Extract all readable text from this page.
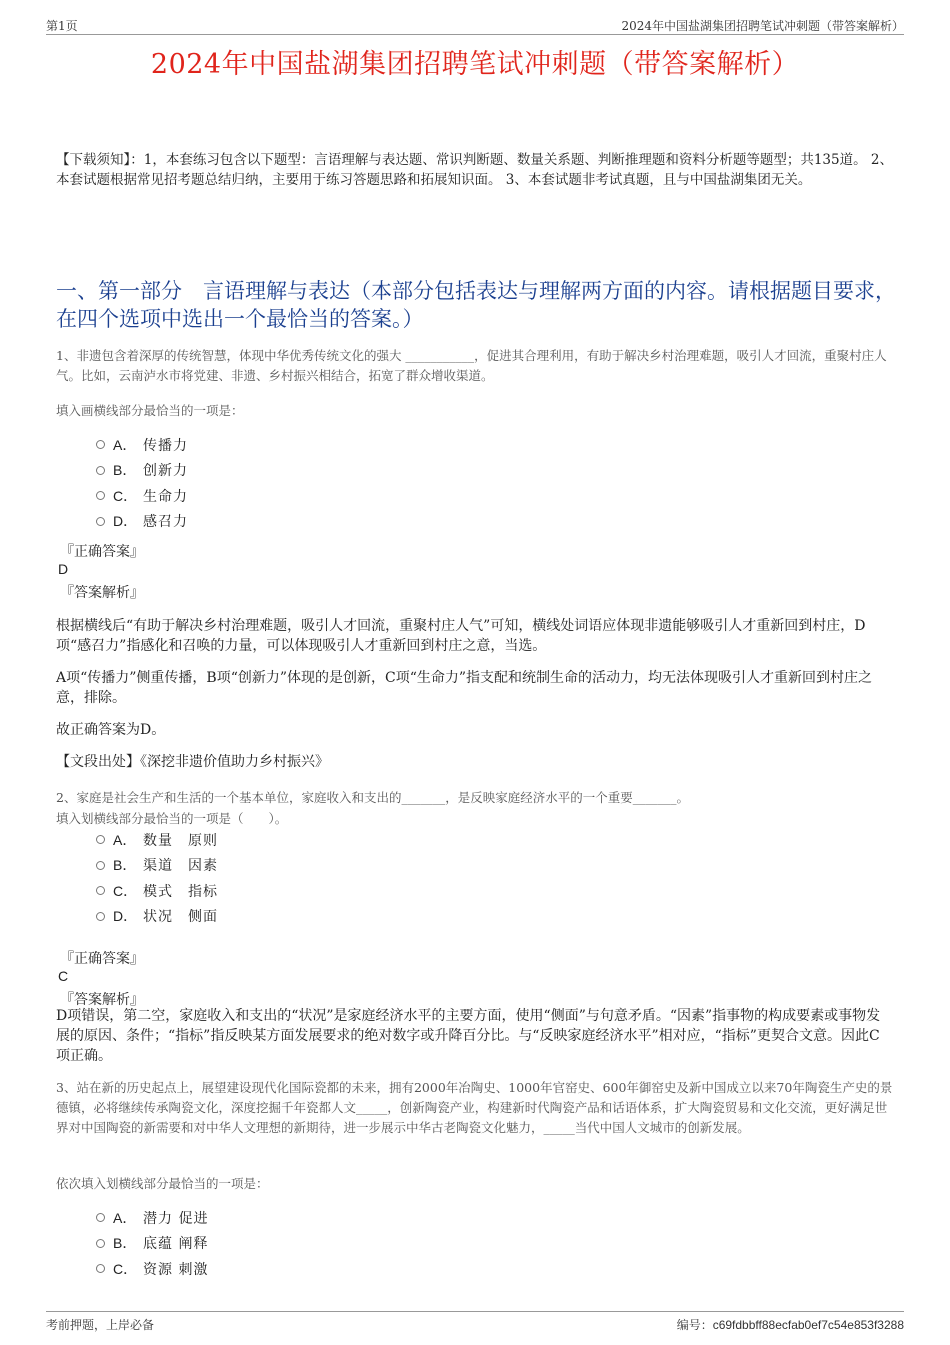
第1页	2024年中国盐湖集团招聘笔试冲刺题（带答案解析）
2024年中国盐湖集团招聘笔试冲刺题（带答案解析）
【下载须知】：1，本套练习包含以下题型：言语理解与表达题、常识判断题、数量关系题、判断推理题和资料分析题等题型；共135道。 2、本套试题根据常见招考题总结归纳，主要用于练习答题思路和拓展知识面。 3、本套试题非考试真题，且与中国盐湖集团无关。
一、第一部分　言语理解与表达（本部分包括表达与理解两方面的内容。请根据题目要求，在四个选项中选出一个最恰当的答案。）
1、非遗包含着深厚的传统智慧，体现中华优秀传统文化的强大 ___________，促进其合理利用，有助于解决乡村治理难题，吸引人才回流，重聚村庄人气。比如，云南泸水市将党建、非遗、乡村振兴相结合，拓宽了群众增收渠道。
填入画横线部分最恰当的一项是：
A． 传播力
B． 创新力
C． 生命力
D． 感召力
『正确答案』
D
『答案解析』
根据横线后“有助于解决乡村治理难题，吸引人才回流，重聚村庄人气”可知，横线处词语应体现非遗能够吸引人才重新回到村庄，D项“感召力”指感化和召唤的力量，可以体现吸引人才重新回到村庄之意，当选。
A项“传播力”侧重传播，B项“创新力”体现的是创新，C项“生命力”指支配和统制生命的活动力，均无法体现吸引人才重新回到村庄之意，排除。
故正确答案为D。
【文段出处】《深挖非遗价值助力乡村振兴》
2、家庭是社会生产和生活的一个基本单位，家庭收入和支出的_______，是反映家庭经济水平的一个重要_______。
填入划横线部分最恰当的一项是（　　）。
A． 数量　原则
B． 渠道　因素
C． 模式　指标
D． 状况　侧面
『正确答案』
C
『答案解析』
D项错误，第二空，家庭收入和支出的“状况”是家庭经济水平的主要方面，使用“侧面”与句意矛盾。“因素”指事物的构成要素或事物发展的原因、条件；“指标”指反映某方面发展要求的绝对数字或升降百分比。与“反映家庭经济水平”相对应，“指标”更契合文意。因此C项正确。
3、站在新的历史起点上，展望建设现代化国际瓷都的未来，拥有2000年冶陶史、1000年官窑史、600年御窑史及新中国成立以来70年陶瓷生产史的景德镇，必将继续传承陶瓷文化，深度挖掘千年瓷都人文_____，创新陶瓷产业，构建新时代陶瓷产品和话语体系，扩大陶瓷贸易和文化交流，更好满足世界对中国陶瓷的新需要和对中华人文理想的新期待，进一步展示中华古老陶瓷文化魅力，_____当代中国人文城市的创新发展。
依次填入划横线部分最恰当的一项是：
A． 潜力 促进
B． 底蕴 阐释
C． 资源 刺激
考前押题，上岸必备	编号：c69fdbbff88ecfab0ef7c54e853f3288
